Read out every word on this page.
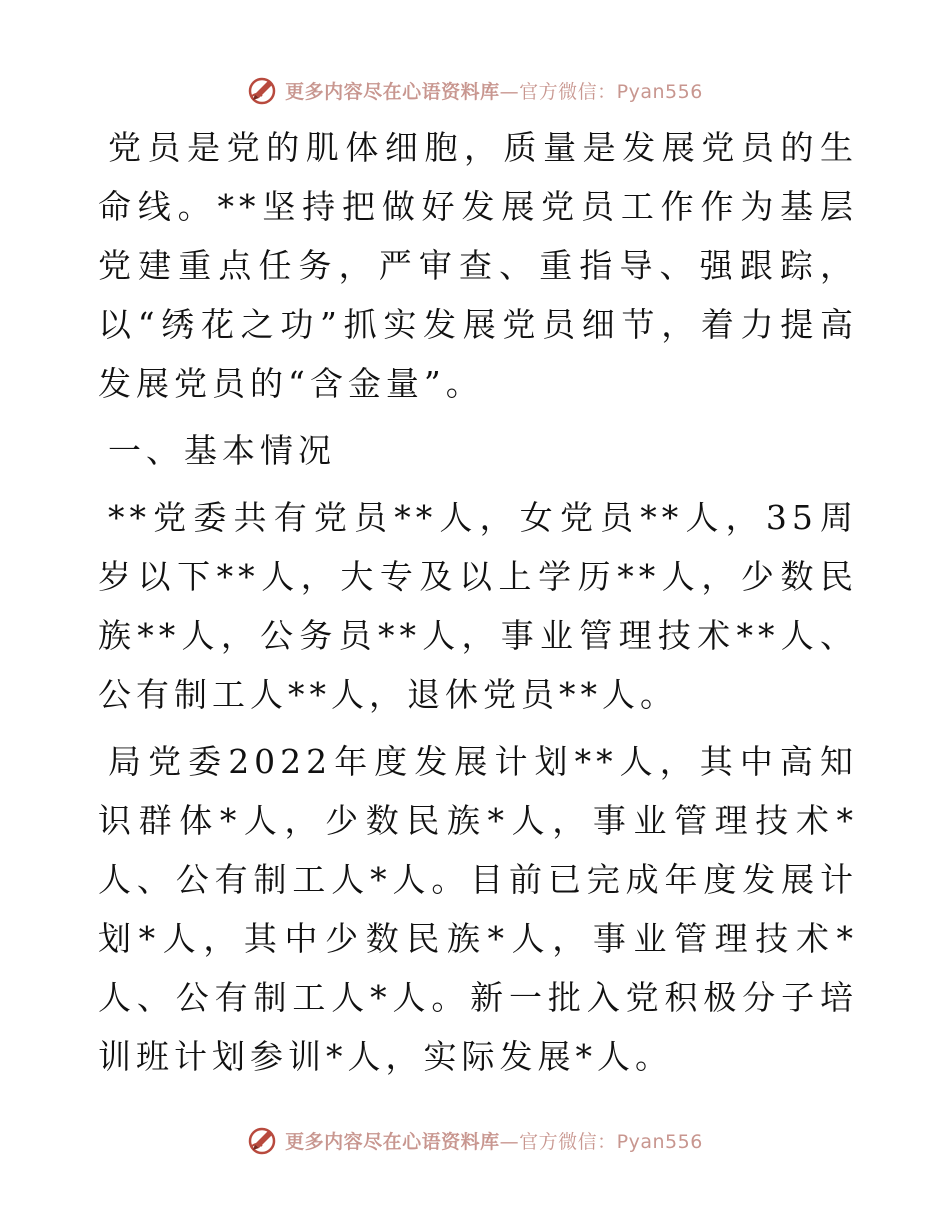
更多内容尽在心语资料库—官方微信：Pyan556

党员是党的肌体细胞，质量是发展党员的生命线。**坚持把做好发展党员工作作为基层党建重点任务，严审查、重指导、强跟踪，以“绣花之功”抓实发展党员细节，着力提高发展党员的“含金量”。

一、基本情况

**党委共有党员**人，女党员**人，35周岁以下**人，大专及以上学历**人，少数民族**人，公务员**人，事业管理技术**人、公有制工人**人，退休党员**人。

局党委2022年度发展计划**人，其中高知识群体*人，少数民族*人，事业管理技术*人、公有制工人*人。目前已完成年度发展计划*人，其中少数民族*人，事业管理技术*人、公有制工人*人。新一批入党积极分子培训班计划参训*人，实际发展*人。

更多内容尽在心语资料库—官方微信：Pyan556
